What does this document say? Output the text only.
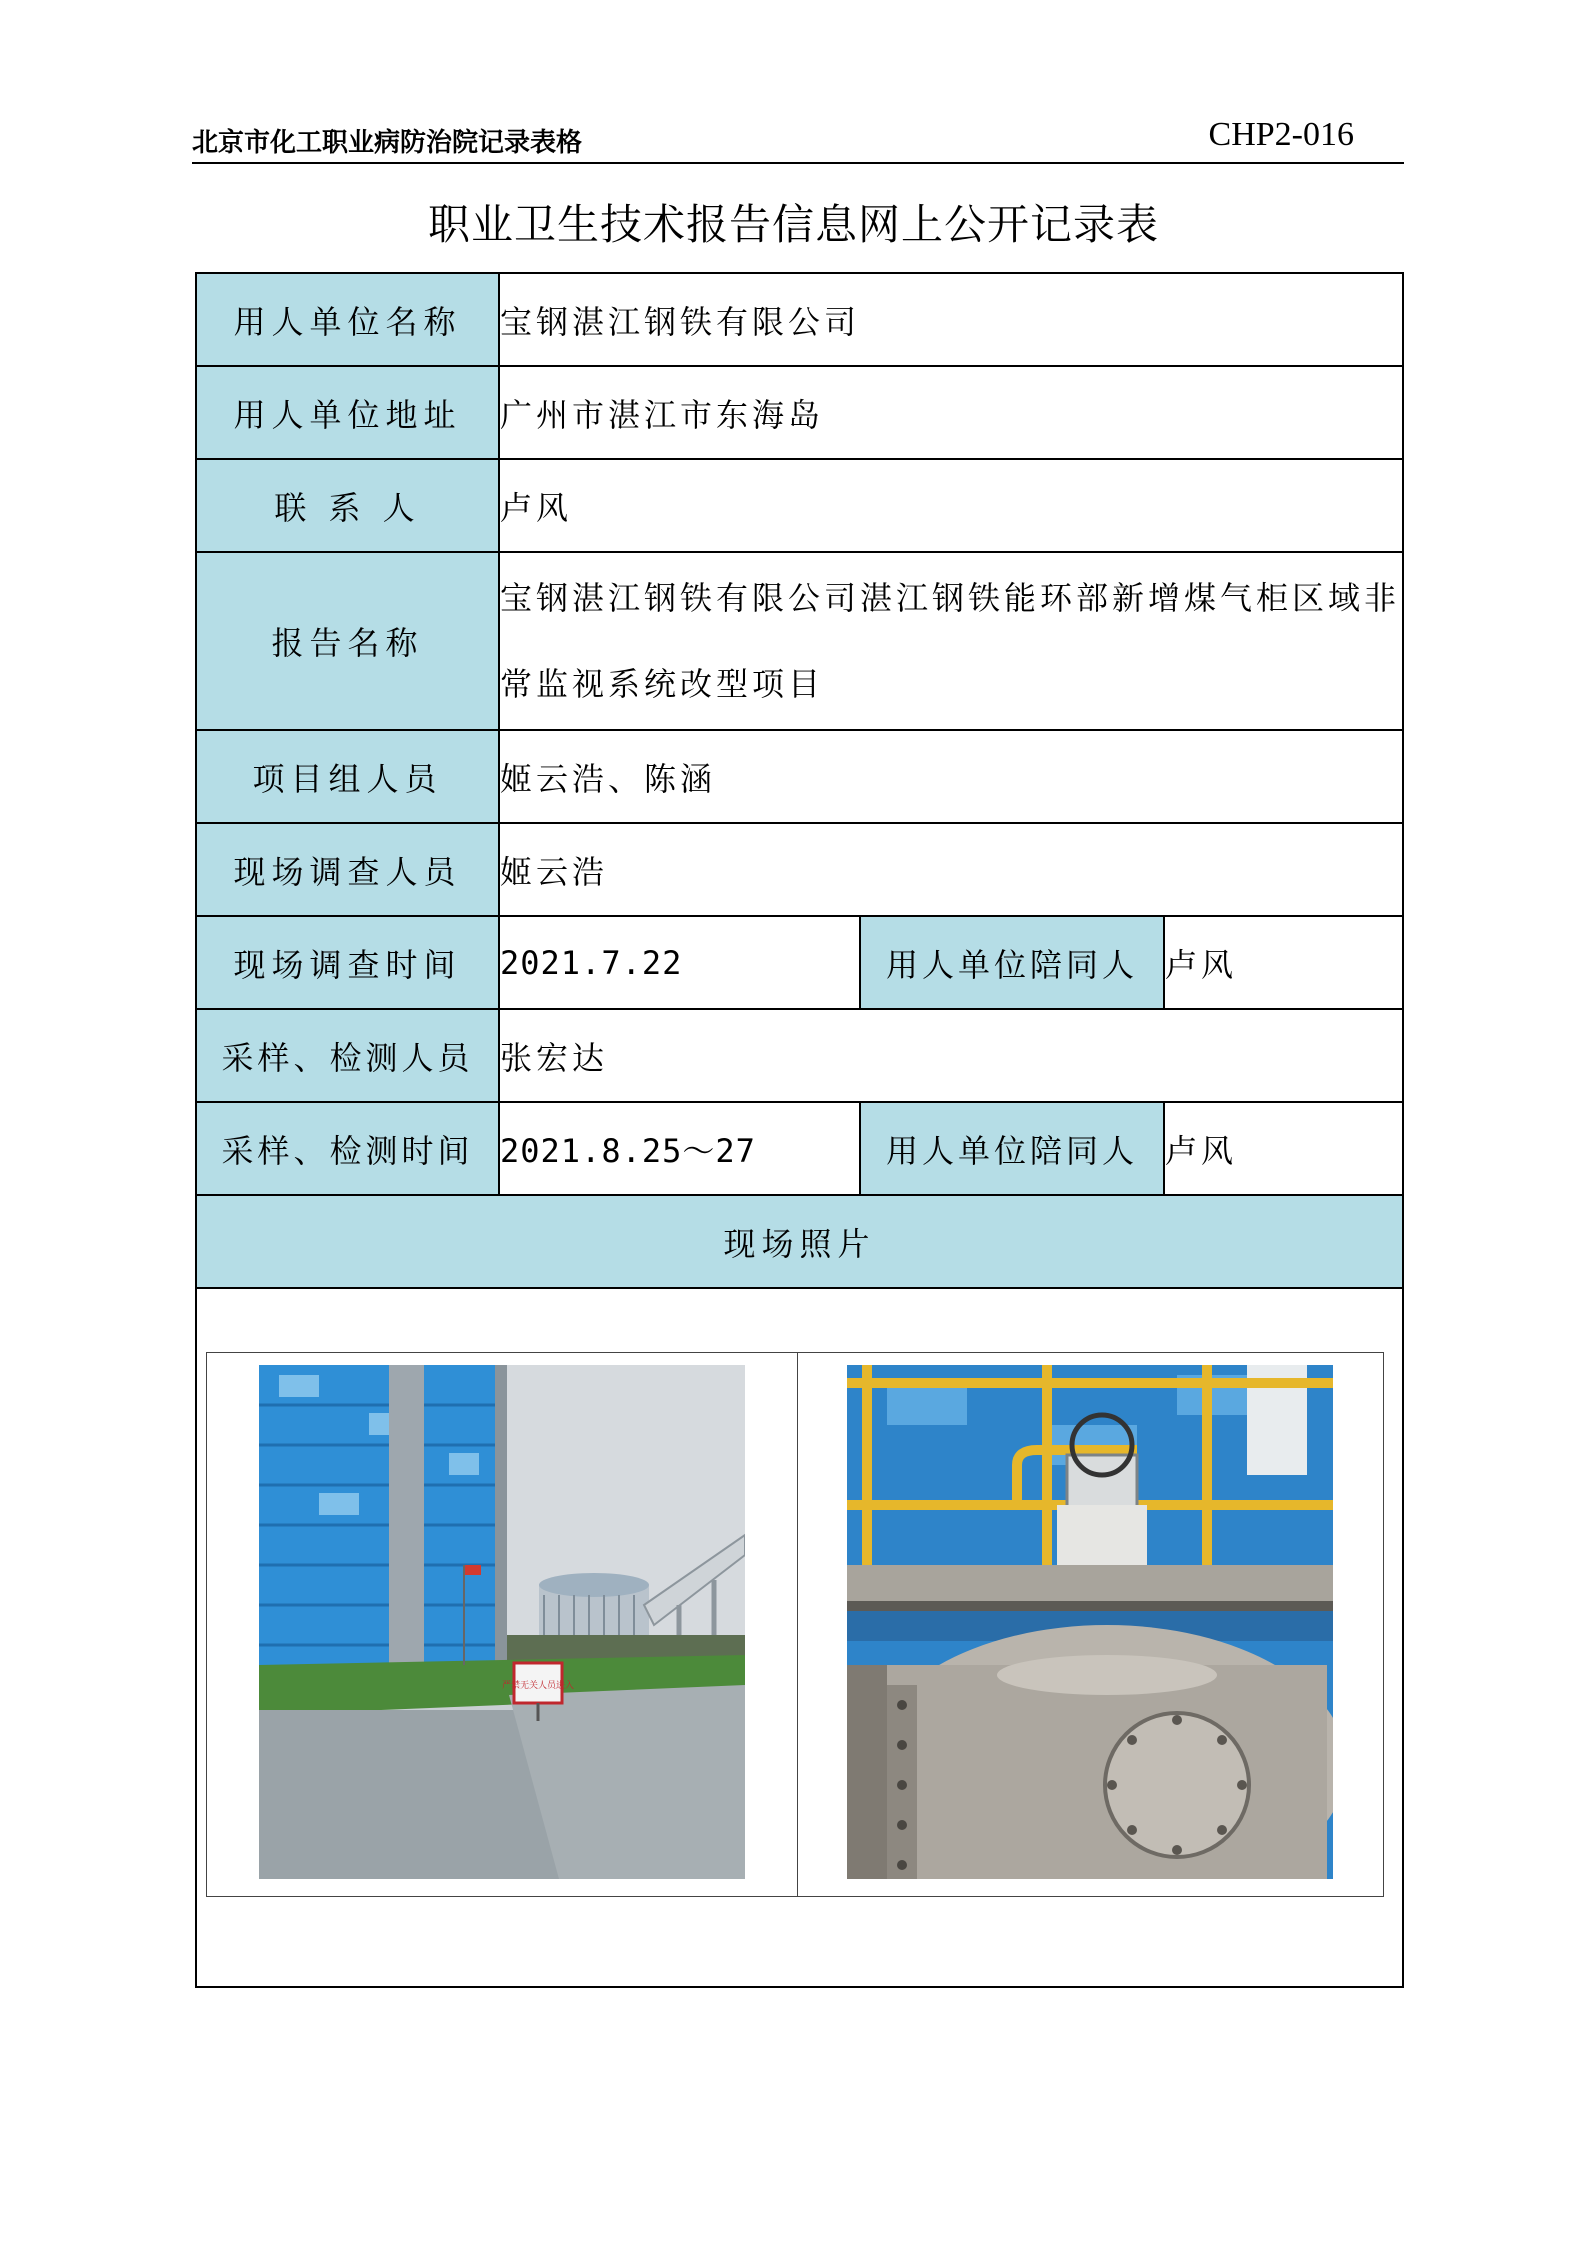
北京市化工职业病防治院记录表格	CHP2-016
职业卫生技术报告信息网上公开记录表
用人单位名称	宝钢湛江钢铁有限公司		
用人单位地址	广州市湛江市东海岛		
联 系 人	卢风		
报告名称	宝钢湛江钢铁有限公司湛江钢铁能环部新增煤气柜区域非常监视系统改型项目		
项目组人员	姬云浩、陈涵		
现场调查人员	姬云浩		
现场调查时间	2021.7.22	用人单位陪同人	卢风
采样、检测人员	张宏达		
采样、检测时间	2021.8.25～27	用人单位陪同人	卢风
现场照片			

严禁无关人员进入			
